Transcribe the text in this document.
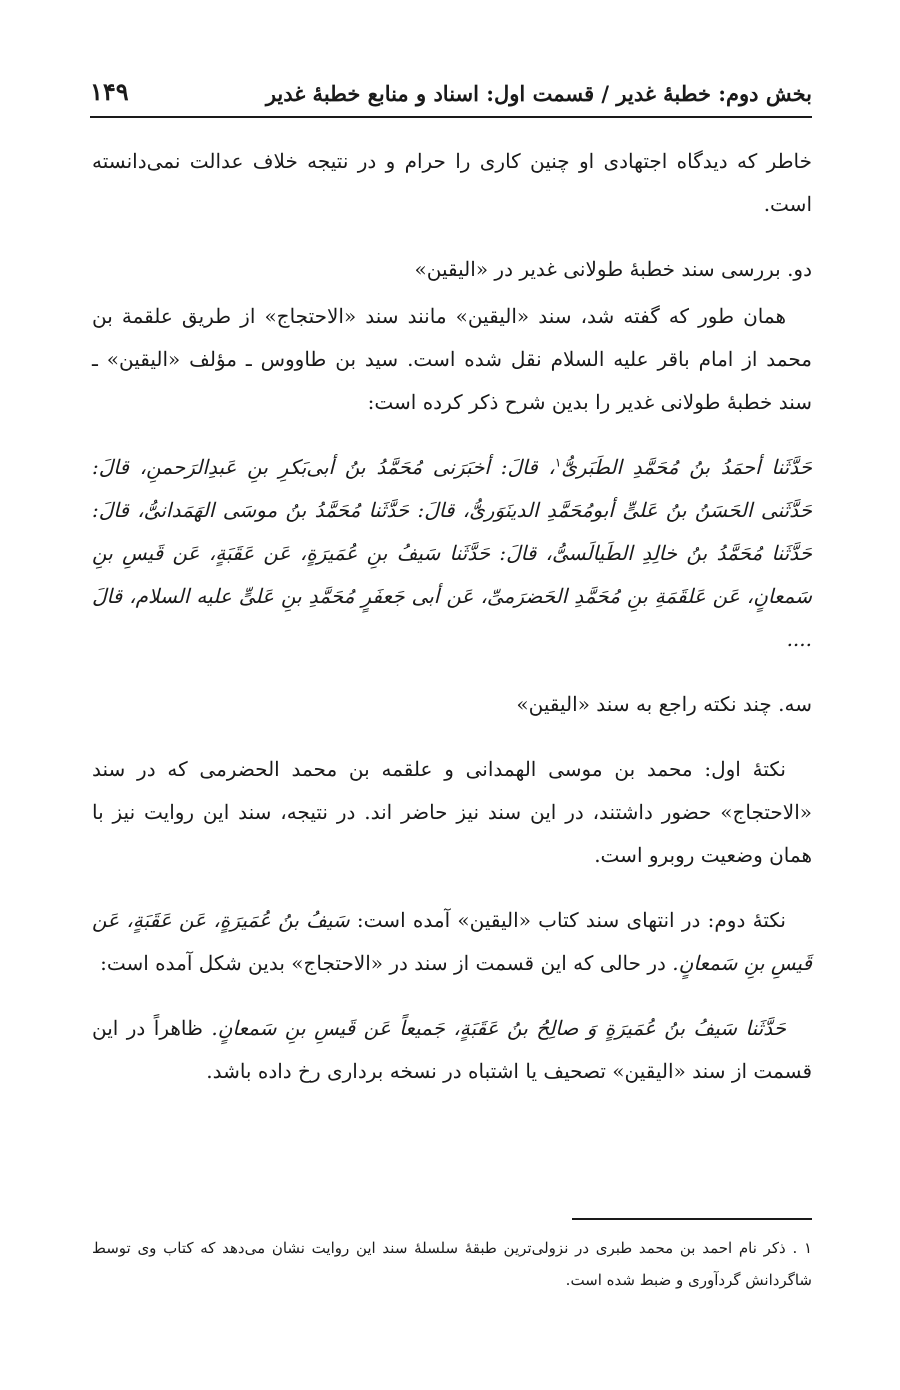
بخش دوم: خطبهٔ غدیر / قسمت اول: اسناد و منابع خطبهٔ غدیر
۱۴۹

خاطر که دیدگاه اجتهادی او چنین کاری را حرام و در نتیجه خلاف عدالت نمی‌دانسته است.

دو. بررسی سند خطبهٔ طولانی غدیر در «الیقین»

همان طور که گفته شد، سند «الیقین» مانند سند «الاحتجاج» از طریق علقمة بن محمد از امام باقر علیه السلام نقل شده است. سید بن طاووس ـ مؤلف «الیقین» ـ سند خطبهٔ طولانی غدیر را بدین شرح ذکر کرده است:

حَدَّثَنا أحمَدُ بنُ مُحَمَّدِ الطَبَریُّ$^۱$، قالَ: أخبَرَنی مُحَمَّدُ بنُ أبی‌بَکرِ بنِ عَبدِالرَحمنِ، قالَ: حَدَّثَنی الحَسَنُ بنُ عَلیٍّ أبومُحَمَّدِ الدینَوَریُّ، قالَ: حَدَّثَنا مُحَمَّدُ بنُ موسَی الهَمَدانیُّ، قالَ: حَدَّثَنا مُحَمَّدُ بنُ خالِدِ الطَیالَسیُّ، قالَ: حَدَّثَنا سَیفُ بنِ عُمَیرَةٍ، عَن عَقَبَةٍ، عَن قَیسِ بنِ سَمعانٍ، عَن عَلقَمَةِ بنِ مُحَمَّدِ الحَضرَمیِّ، عَن أبی جَعفَرٍ مُحَمَّدِ بنِ عَلیٍّ علیه السلام، قالَ ....

سه. چند نکته راجع به سند «الیقین»

نکتهٔ اول: محمد بن موسی الهمدانی و علقمه بن محمد الحضرمی که در سند «الاحتجاج» حضور داشتند، در این سند نیز حاضر اند. در نتیجه، سند این روایت نیز با همان وضعیت روبرو است.

نکتهٔ دوم: در انتهای سند کتاب «الیقین» آمده است: سَیفُ بنُ عُمَیرَةٍ، عَن عَقَبَةٍ، عَن قَیسِ بنِ سَمعانٍ. در حالی که این قسمت از سند در «الاحتجاج» بدین شکل آمده است:

حَدَّثَنا سَیفُ بنُ عُمَیرَةٍ وَ صالِحُ بنُ عَقَبَةٍ، جَمیعاً عَن قَیسِ بنِ سَمعانٍ. ظاهراً در این قسمت از سند «الیقین» تصحیف یا اشتباه در نسخه برداری رخ داده باشد.

۱ . ذکر نام احمد بن محمد طبری در نزولی‌ترین طبقهٔ سلسلهٔ سند این روایت نشان می‌دهد که کتاب وی توسط شاگردانش گردآوری و ضبط شده است.
